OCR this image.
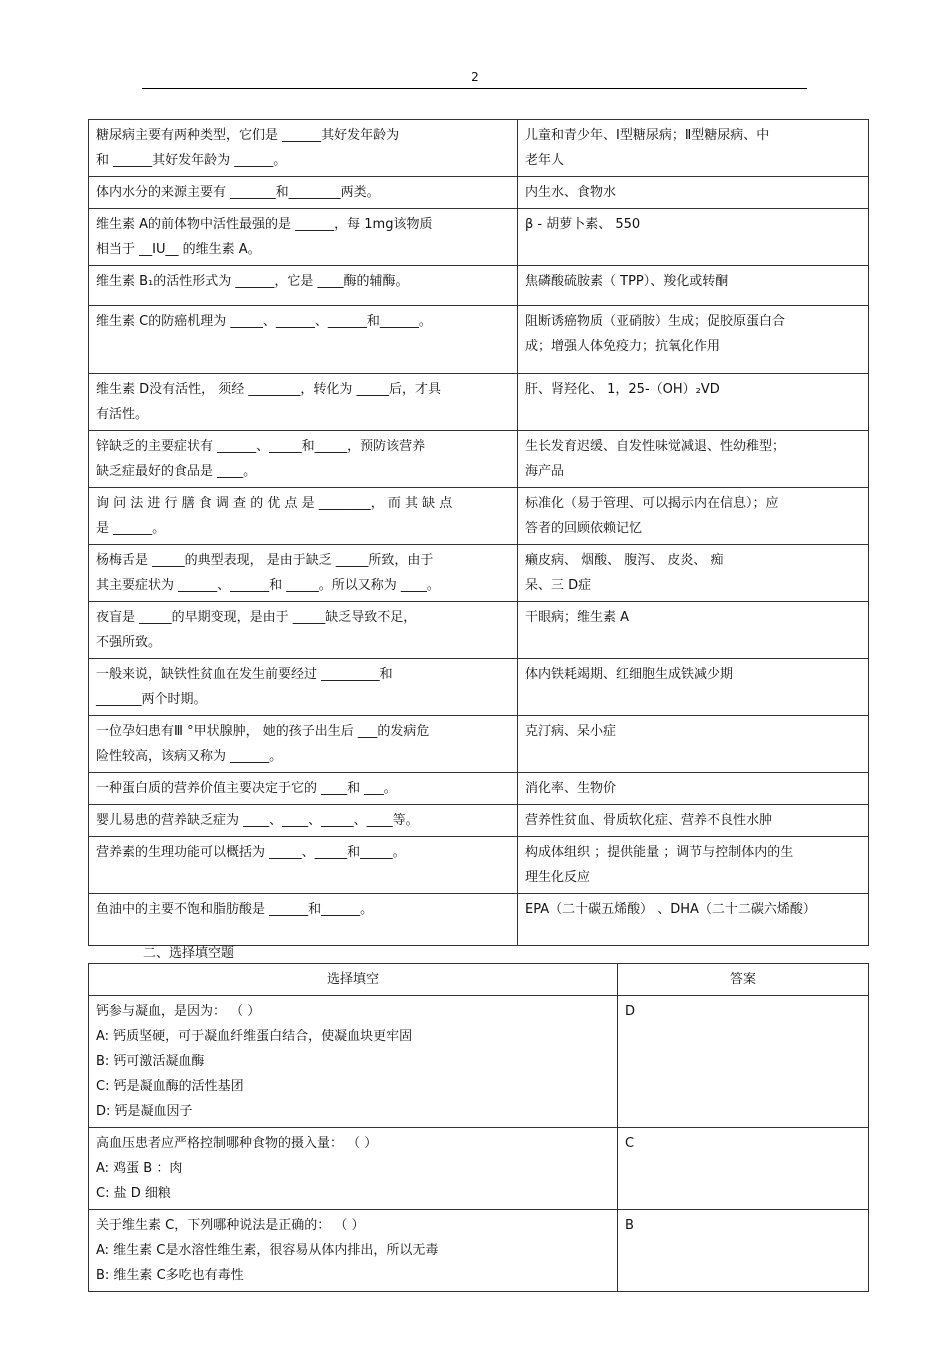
2
糖尿病主要有两种类型，它们是 ______其好发年龄为
和 ______其好发年龄为 ______。	儿童和青少年、Ⅰ型糖尿病；Ⅱ型糖尿病、中
老年人

体内水分的来源主要有 _______和________两类。	内生水、食物水

维生素 A的前体物中活性最强的是 ______，每 1mg该物质
相当于 __IU__ 的维生素 A。	β - 胡萝卜素、 550

维生素 B₁的活性形式为 ______，它是 ____酶的辅酶。	焦磷酸硫胺素（ TPP）、羧化或转酮

维生素 C的防癌机理为 _____、______、______和______。	阻断诱癌物质（亚硝胺）生成；促胶原蛋白合
成；增强人体免疫力；抗氧化作用

维生素 D没有活性， 须经 ________，转化为 _____后，才具
有活性。	肝、肾羟化、 1，25-（OH）₂VD

锌缺乏的主要症状有 ______、_____和_____，预防该营养
缺乏症最好的食品是 ____。	生长发育迟缓、自发性味觉减退、性幼稚型；
海产品

询 问 法 进 行 膳 食 调 查 的 优 点 是 ________， 而 其 缺 点
是 ______。	标准化（易于管理、可以揭示内在信息）；应
答者的回顾依赖记忆

杨梅舌是 _____的典型表现， 是由于缺乏 _____所致，由于
其主要症状为 ______、______和 _____。所以又称为 ____。	癞皮病、 烟酸、 腹泻、 皮炎、 痴
呆、三 D症

夜盲是 _____的早期变现，是由于 _____缺乏导致不足，
不强所致。	干眼病；维生素 A

一般来说，缺铁性贫血在发生前要经过 _________和
_______两个时期。	体内铁耗竭期、红细胞生成铁减少期

一位孕妇患有Ⅲ °甲状腺肿， 她的孩子出生后 ___的发病危
险性较高，该病又称为 ______。	克汀病、呆小症

一种蛋白质的营养价值主要决定于它的 ____和 ___。	消化率、生物价

婴儿易患的营养缺乏症为 ____、____、_____、____等。	营养性贫血、骨质软化症、营养不良性水肿

营养素的生理功能可以概括为 _____、_____和_____。	构成体组织 ；提供能量 ；调节与控制体内的生
理生化反应

鱼油中的主要不饱和脂肪酸是 ______和______。	EPA（二十碳五烯酸） 、DHA（二十二碳六烯酸）
二、选择填空题
选择填空	答案

钙参与凝血，是因为： （ ）
A: 钙质坚硬，可于凝血纤维蛋白结合，使凝血块更牢固
B: 钙可激活凝血酶
C: 钙是凝血酶的活性基团
D: 钙是凝血因子	D

高血压患者应严格控制哪种食物的摄入量： （ ）
A: 鸡蛋 B ：肉
C: 盐 D 细粮	C

关于维生素 C，下列哪种说法是正确的： （ ）
A: 维生素 C是水溶性维生素，很容易从体内排出，所以无毒
B: 维生素 C多吃也有毒性	B
